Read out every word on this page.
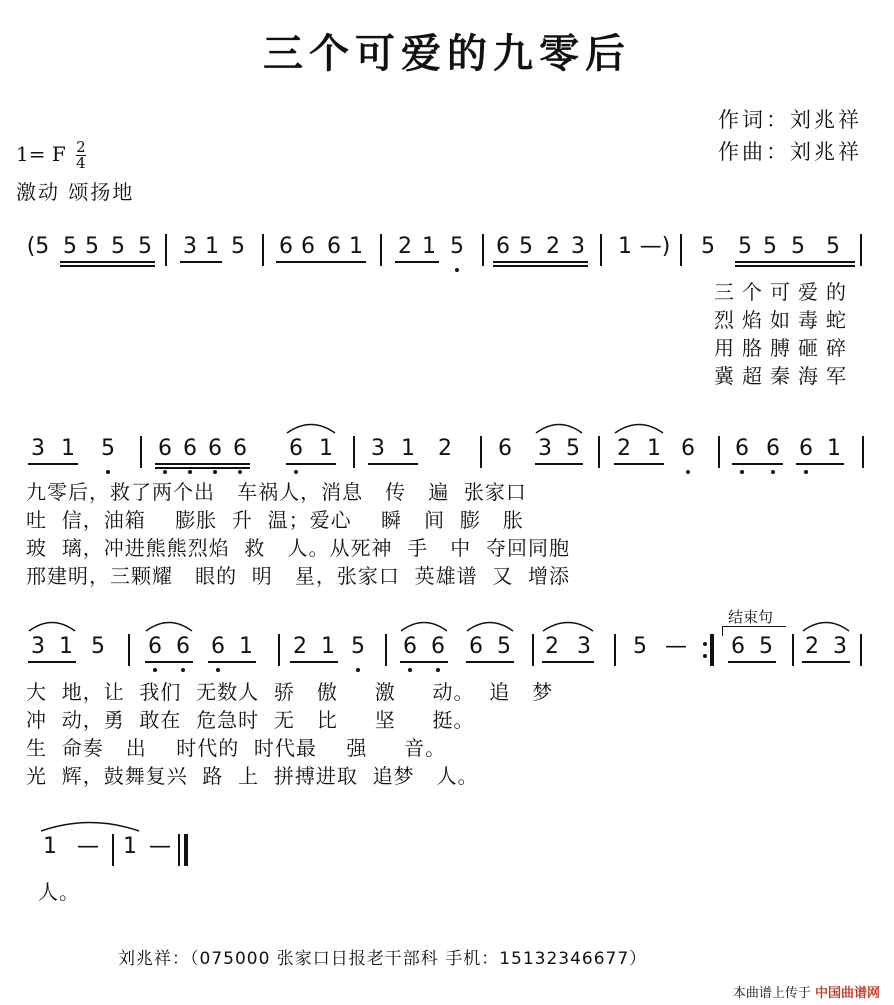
三个可爱的九零后
作词：刘兆祥
作曲：刘兆祥
1= F $\frac{2}{4}$
激动 颂扬地
(5 5 5 5 5 3 1 5 6 6 6 1 2 1 5 6 5 2 3 1 —) 5 5 5 5 5
三个可爱的
烈焰如毒蛇
用胳膊砸碎
冀超秦海军
3 1 5 6 6 6 6 6 1 3 1 2 6 3 5 2 1 6 6 6 6 1
九零后，救了两个出   车祸人，消息   传   遍  张家口
吐  信，油箱    膨胀  升  温；爱心    瞬   间  膨   胀
玻  璃，冲进熊熊烈焰  救   人。从死神  手   中  夺回同胞
邢建明，三颗耀   眼的  明   星，张家口  英雄谱  又  增添
结束句
3 1 5 6 6 6 1 2 1 5 6 6 6 5 2 3 5 — 6 5 2 3
大  地，让  我们  无数人  骄   傲     激     动。  追   梦
冲  动，勇  敢在  危急时  无   比     坚     挺。
生  命奏   出    时代的  时代最    强     音。
光  辉，鼓舞复兴  路  上  拼搏进取  追梦   人。
1 — 1 —
人。
刘兆祥：（075000 张家口日报老干部科 手机：15132346677）
本曲谱上传于 中国曲谱网
